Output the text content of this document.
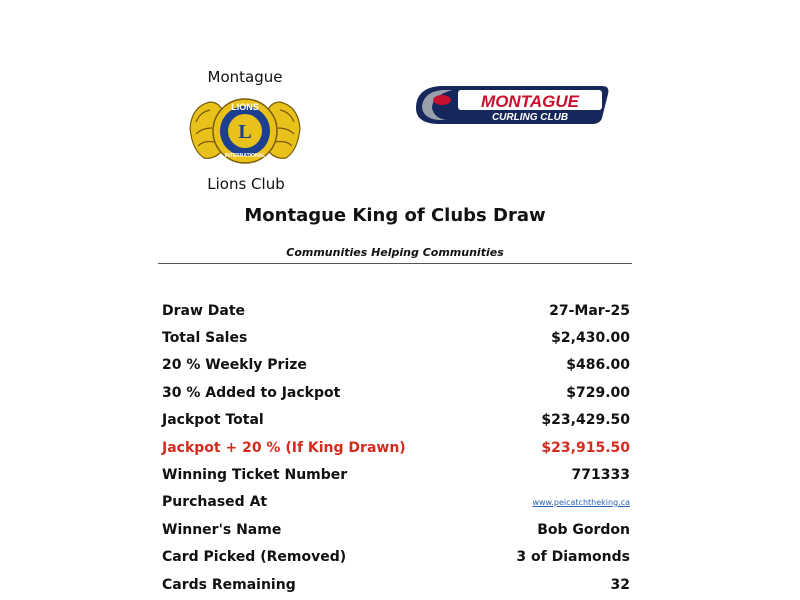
Montague
L
LIONS
INTERNATIONAL
Lions Club
MONTAGUE
CURLING CLUB
Montague King of Clubs Draw
Communities Helping Communities
Draw Date	27-Mar-25
Total Sales	$2,430.00
20 % Weekly Prize	$486.00
30 % Added to Jackpot	$729.00
Jackpot Total	$23,429.50
Jackpot + 20 % (If King Drawn)	$23,915.50
Winning Ticket Number	771333
Purchased At	www.peicatchtheking.ca
Winner's Name	Bob Gordon
Card Picked (Removed)	3 of Diamonds
Cards Remaining	32
